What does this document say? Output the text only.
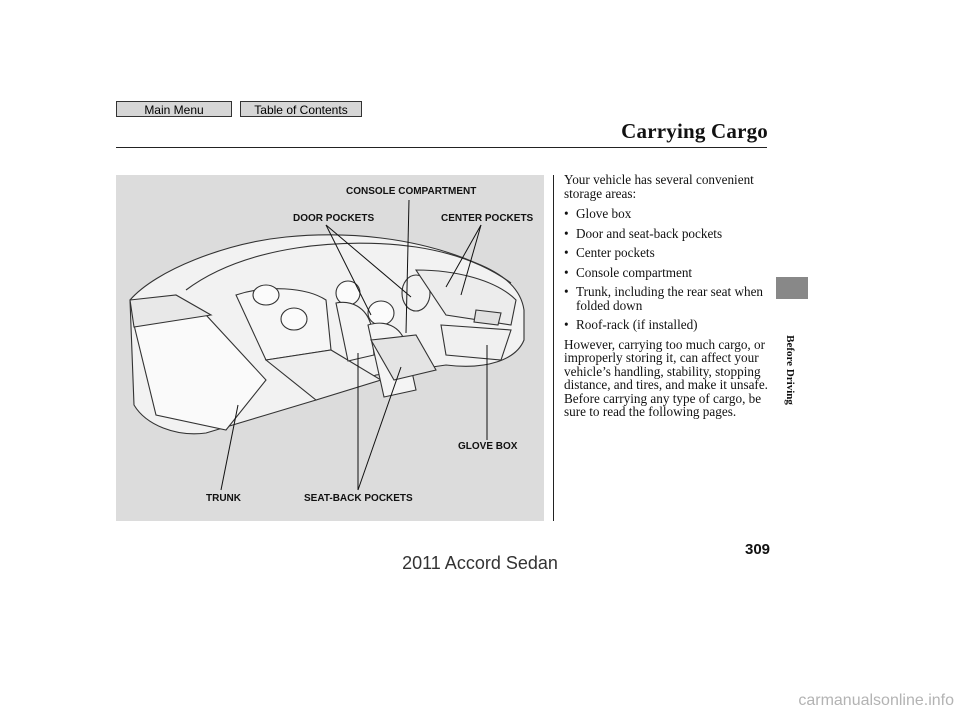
Main Menu	Table of Contents
Carrying Cargo
CONSOLE COMPARTMENT
DOOR POCKETS	CENTER POCKETS
GLOVE BOX
TRUNK	SEAT-BACK POCKETS

Your vehicle has several convenient storage areas:

• Glove box
• Door and seat-back pockets
• Center pockets
• Console compartment
• Trunk, including the rear seat when folded down
• Roof-rack (if installed)

However, carrying too much cargo, or improperly storing it, can affect your vehicle’s handling, stability, stopping distance, and tires, and make it unsafe. Before carrying any type of cargo, be sure to read the following pages.

Before Driving
309
2011 Accord Sedan
carmanualsonline.info
